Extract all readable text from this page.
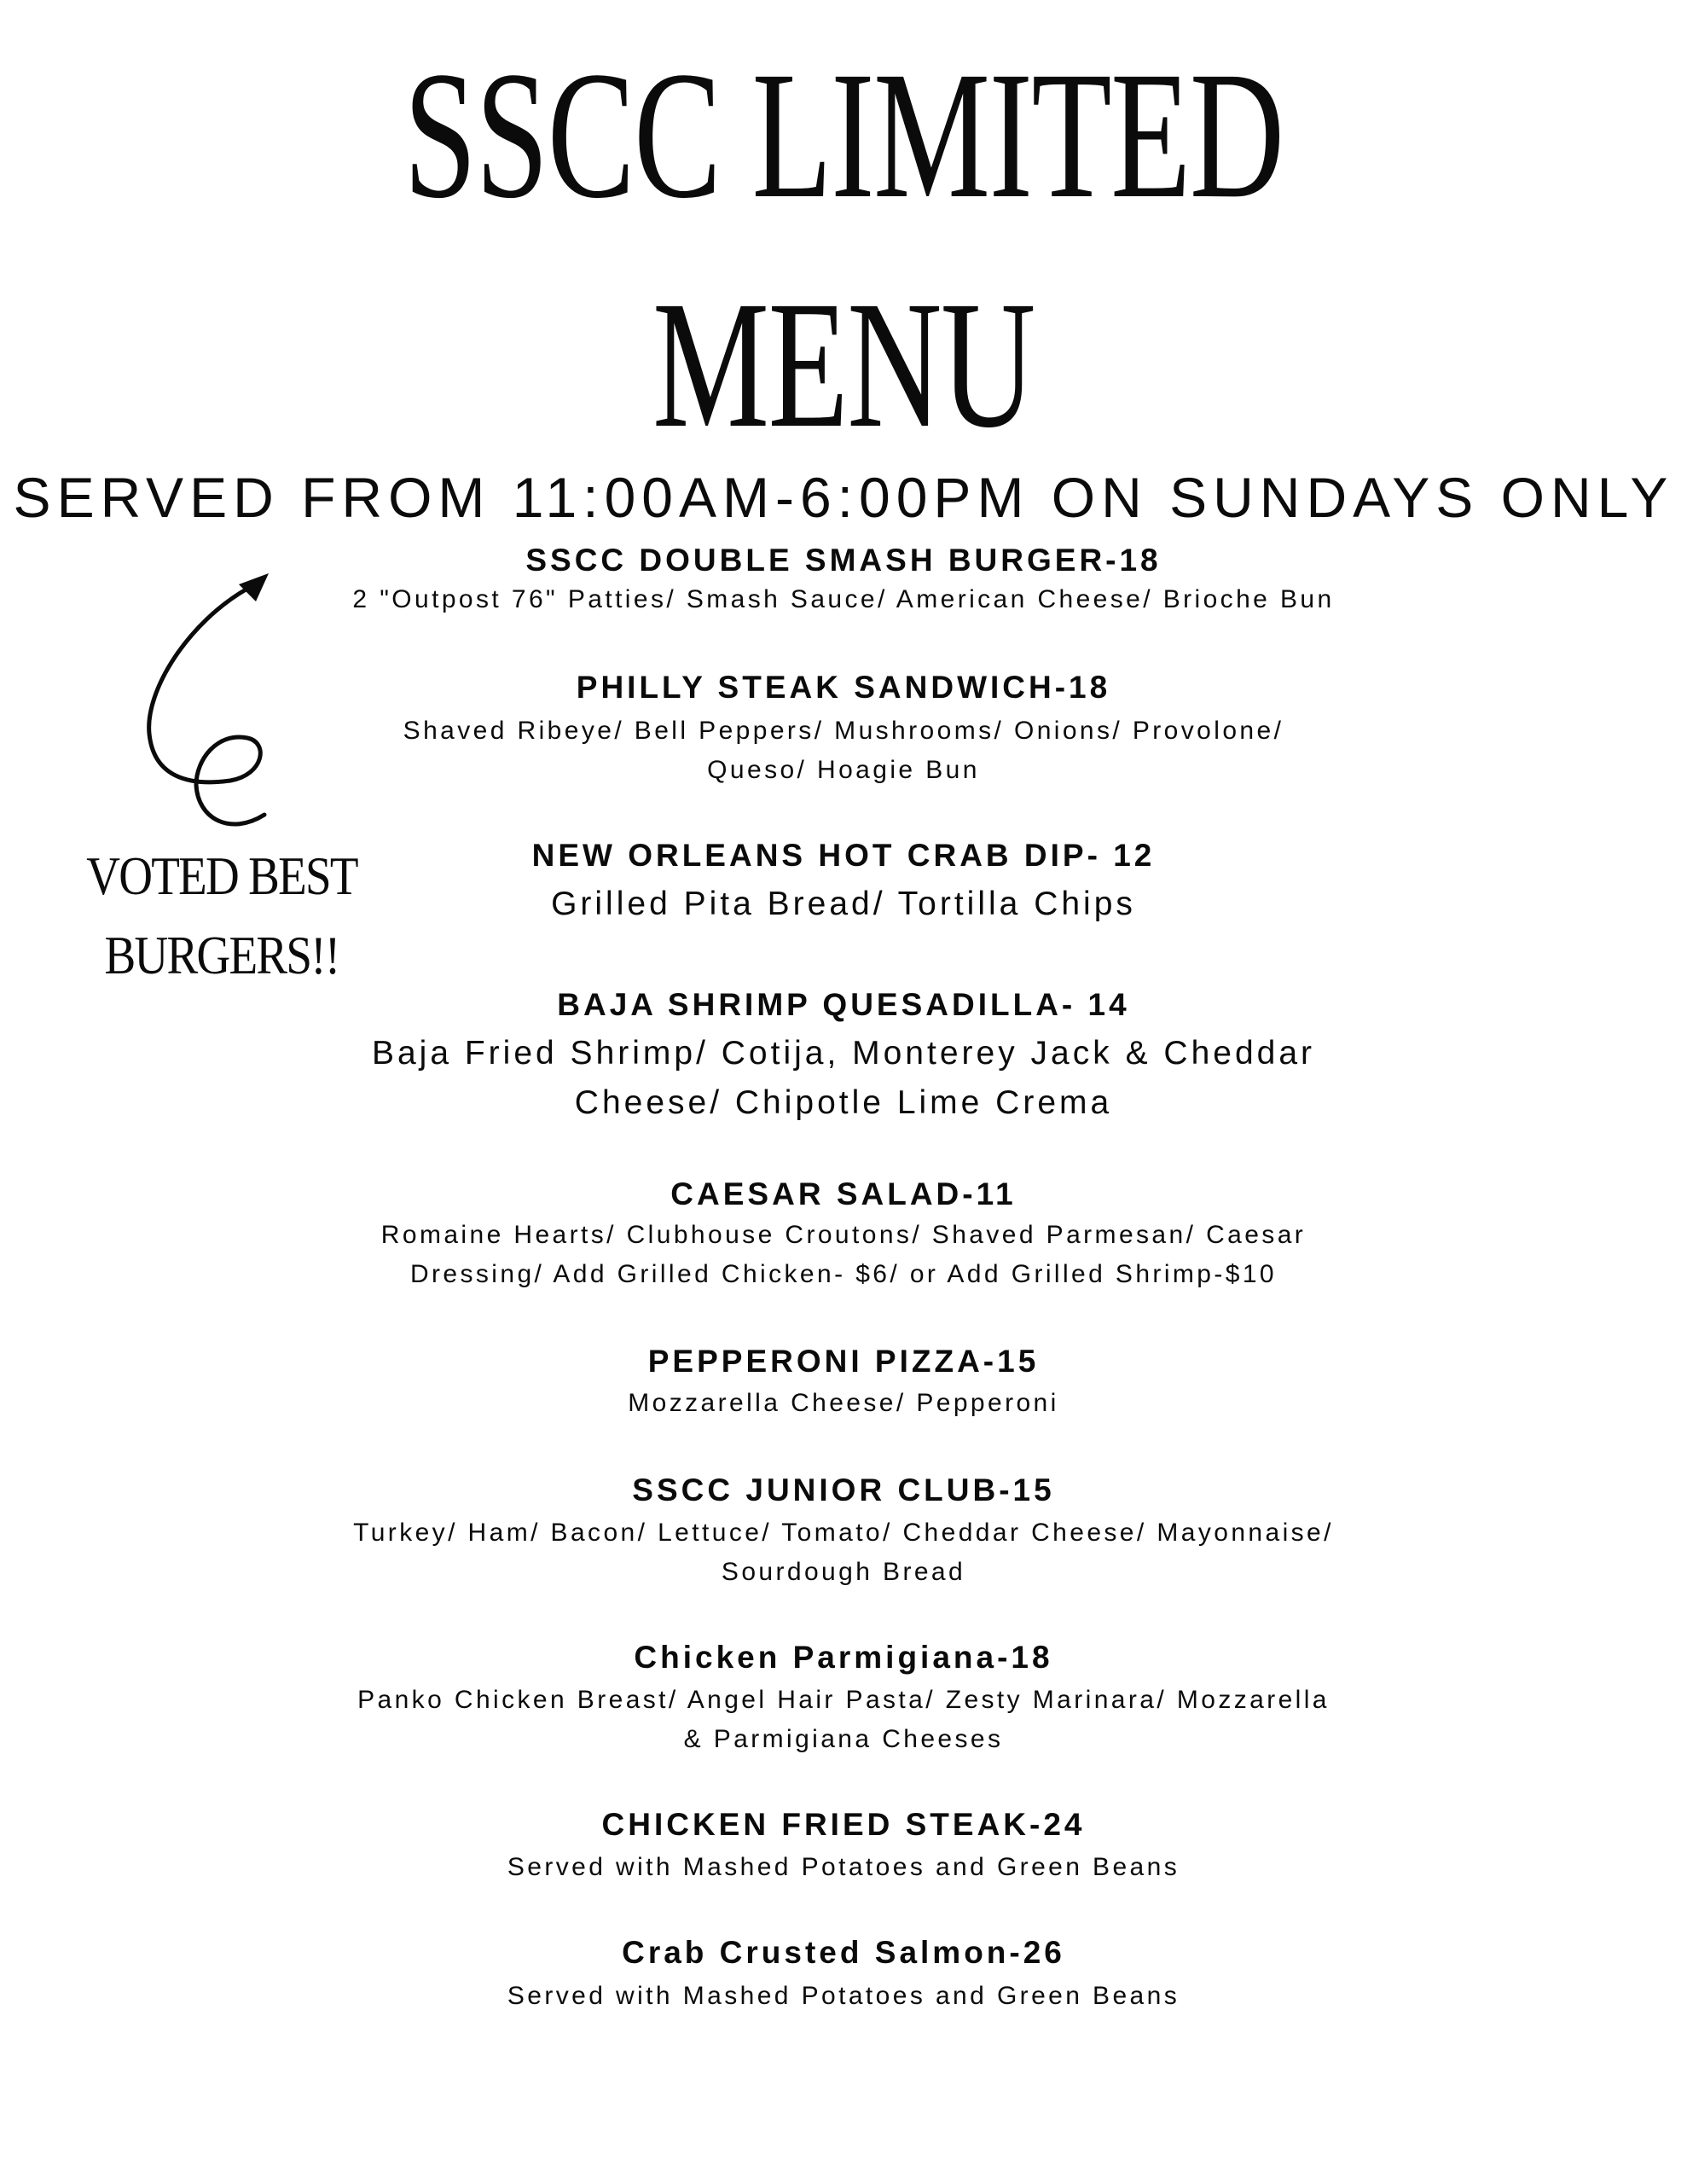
SSCC LIMITED
MENU
SERVED FROM 11:00AM-6:00PM ON SUNDAYS ONLY
VOTED BEST
BURGERS!!
SSCC DOUBLE SMASH BURGER-18
2 "Outpost 76" Patties/ Smash Sauce/ American Cheese/ Brioche Bun
PHILLY STEAK SANDWICH-18
Shaved Ribeye/ Bell Peppers/ Mushrooms/ Onions/ Provolone/
Queso/ Hoagie Bun
NEW ORLEANS HOT CRAB DIP- 12
Grilled Pita Bread/ Tortilla Chips
BAJA SHRIMP QUESADILLA- 14
Baja Fried Shrimp/ Cotija, Monterey Jack & Cheddar
Cheese/ Chipotle Lime Crema
CAESAR SALAD-11
Romaine Hearts/ Clubhouse Croutons/ Shaved Parmesan/ Caesar
Dressing/ Add Grilled Chicken- $6/ or Add Grilled Shrimp-$10
PEPPERONI PIZZA-15
Mozzarella Cheese/ Pepperoni
SSCC JUNIOR CLUB-15
Turkey/ Ham/ Bacon/ Lettuce/ Tomato/ Cheddar Cheese/ Mayonnaise/
Sourdough Bread
Chicken Parmigiana-18
Panko Chicken Breast/ Angel Hair Pasta/ Zesty Marinara/ Mozzarella
& Parmigiana Cheeses
CHICKEN FRIED STEAK-24
Served with Mashed Potatoes and Green Beans
Crab Crusted Salmon-26
Served with Mashed Potatoes and Green Beans
